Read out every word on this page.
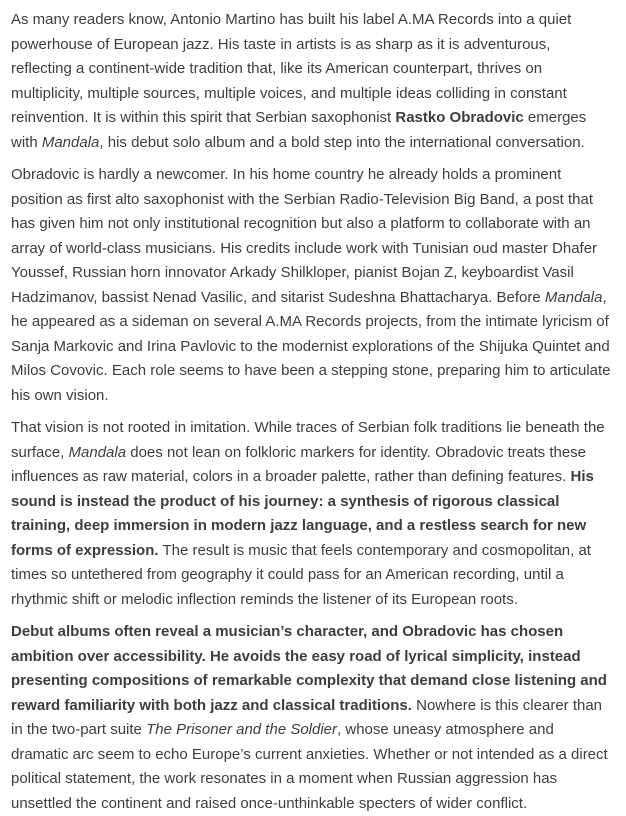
As many readers know, Antonio Martino has built his label A.MA Records into a quiet powerhouse of European jazz. His taste in artists is as sharp as it is adventurous, reflecting a continent-wide tradition that, like its American counterpart, thrives on multiplicity, multiple sources, multiple voices, and multiple ideas colliding in constant reinvention. It is within this spirit that Serbian saxophonist Rastko Obradovic emerges with Mandala, his debut solo album and a bold step into the international conversation.

Obradovic is hardly a newcomer. In his home country he already holds a prominent position as first alto saxophonist with the Serbian Radio-Television Big Band, a post that has given him not only institutional recognition but also a platform to collaborate with an array of world-class musicians. His credits include work with Tunisian oud master Dhafer Youssef, Russian horn innovator Arkady Shilkloper, pianist Bojan Z, keyboardist Vasil Hadzimanov, bassist Nenad Vasilic, and sitarist Sudeshna Bhattacharya. Before Mandala, he appeared as a sideman on several A.MA Records projects, from the intimate lyricism of Sanja Markovic and Irina Pavlovic to the modernist explorations of the Shijuka Quintet and Milos Covovic. Each role seems to have been a stepping stone, preparing him to articulate his own vision.

That vision is not rooted in imitation. While traces of Serbian folk traditions lie beneath the surface, Mandala does not lean on folkloric markers for identity. Obradovic treats these influences as raw material, colors in a broader palette, rather than defining features. His sound is instead the product of his journey: a synthesis of rigorous classical training, deep immersion in modern jazz language, and a restless search for new forms of expression. The result is music that feels contemporary and cosmopolitan, at times so untethered from geography it could pass for an American recording, until a rhythmic shift or melodic inflection reminds the listener of its European roots.

Debut albums often reveal a musician’s character, and Obradovic has chosen ambition over accessibility. He avoids the easy road of lyrical simplicity, instead presenting compositions of remarkable complexity that demand close listening and reward familiarity with both jazz and classical traditions. Nowhere is this clearer than in the two-part suite The Prisoner and the Soldier, whose uneasy atmosphere and dramatic arc seem to echo Europe’s current anxieties. Whether or not intended as a direct political statement, the work resonates in a moment when Russian aggression has unsettled the continent and raised once-unthinkable specters of wider conflict.
